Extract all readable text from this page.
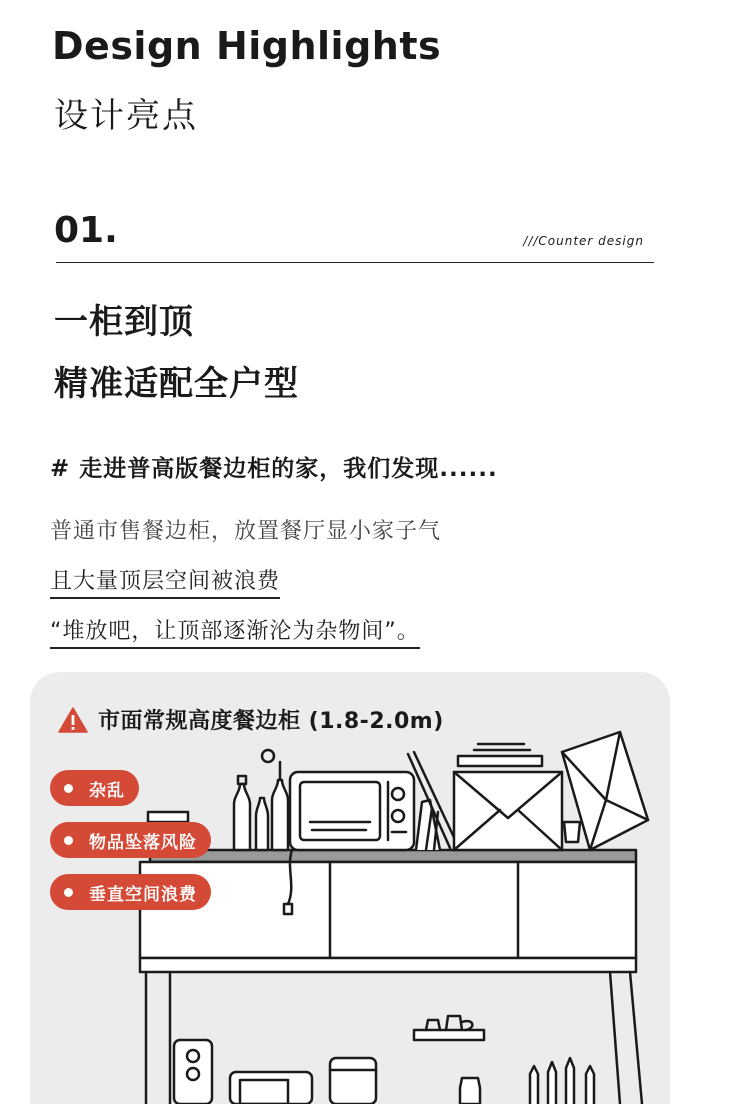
Design Highlights
设计亮点
01.	///Counter design
一柜到顶
精准适配全户型
# 走进普高版餐边柜的家，我们发现......
普通市售餐边柜，放置餐厅显小家子气
且大量顶层空间被浪费
“堆放吧，让顶部逐渐沦为杂物间”。
市面常规高度餐边柜 (1.8-2.0m)
杂乱
物品坠落风险
垂直空间浪费
